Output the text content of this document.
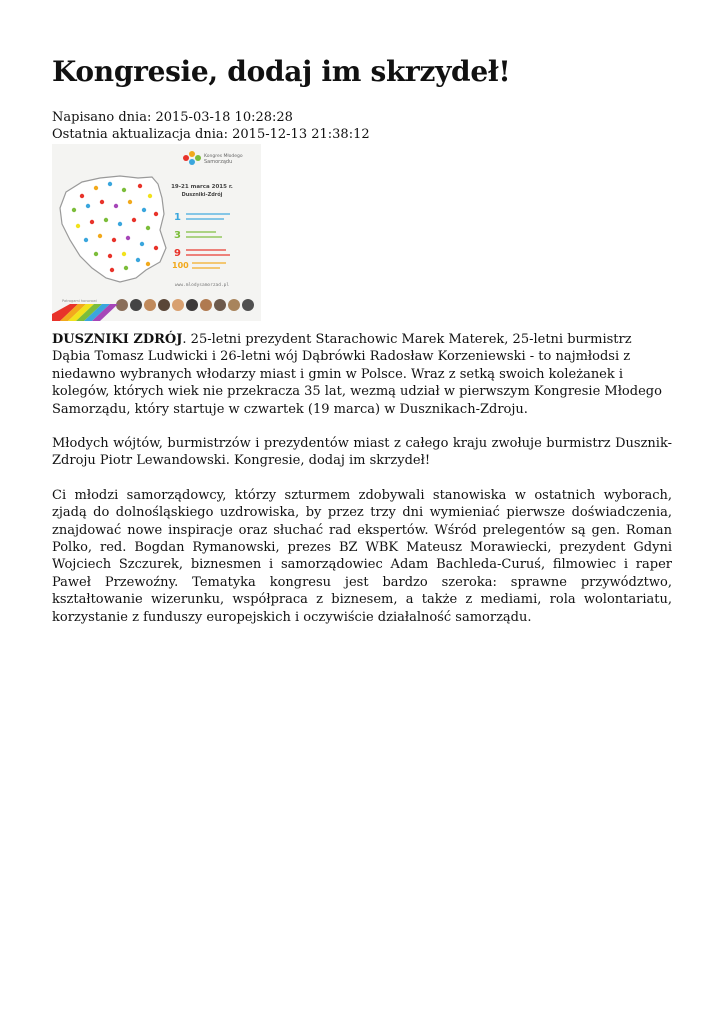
Kongresie, dodaj im skrzydeł!
Napisano dnia: 2015-03-18 10:28:28
Ostatnia aktualizacja dnia: 2015-12-13 21:38:12
Kongres Młodego
Samorządu
19-21 marca 2015 r.
Duszniki-Zdrój
1
3
9
100
www.mlodysamorzad.pl
Patrogami honorowi

DUSZNIKI ZDRÓJ. 25-letni prezydent Starachowic Marek Materek, 25-letni burmistrz Dąbia Tomasz Ludwicki i 26-letni wój Dąbrówki Radosław Korzeniewski - to najmłodsi z niedawno wybranych włodarzy miast i gmin w Polsce. Wraz z setką swoich koleżanek i kolegów, których wiek nie przekracza 35 lat, wezmą udział w pierwszym Kongresie Młodego Samorządu, który startuje w czwartek (19 marca) w Dusznikach-Zdroju.

Młodych wójtów, burmistrzów i prezydentów miast z całego kraju zwołuje burmistrz Dusznik-Zdroju Piotr Lewandowski. Kongresie, dodaj im skrzydeł!

Ci młodzi samorządowcy, którzy szturmem zdobywali stanowiska w ostatnich wyborach, zjadą do dolnośląskiego uzdrowiska, by przez trzy dni wymieniać pierwsze doświadczenia, znajdować nowe inspiracje oraz słuchać rad ekspertów. Wśród prelegentów są gen. Roman Polko, red. Bogdan Rymanowski, prezes BZ WBK Mateusz Morawiecki, prezydent Gdyni Wojciech Szczurek, biznesmen i samorządowiec Adam Bachleda-Curuś, filmowiec i raper Paweł Przewoźny. Tematyka kongresu jest bardzo szeroka: sprawne przywództwo, kształtowanie wizerunku, współpraca z biznesem, a także z mediami, rola wolontariatu, korzystanie z funduszy europejskich i oczywiście działalność samorządu.
